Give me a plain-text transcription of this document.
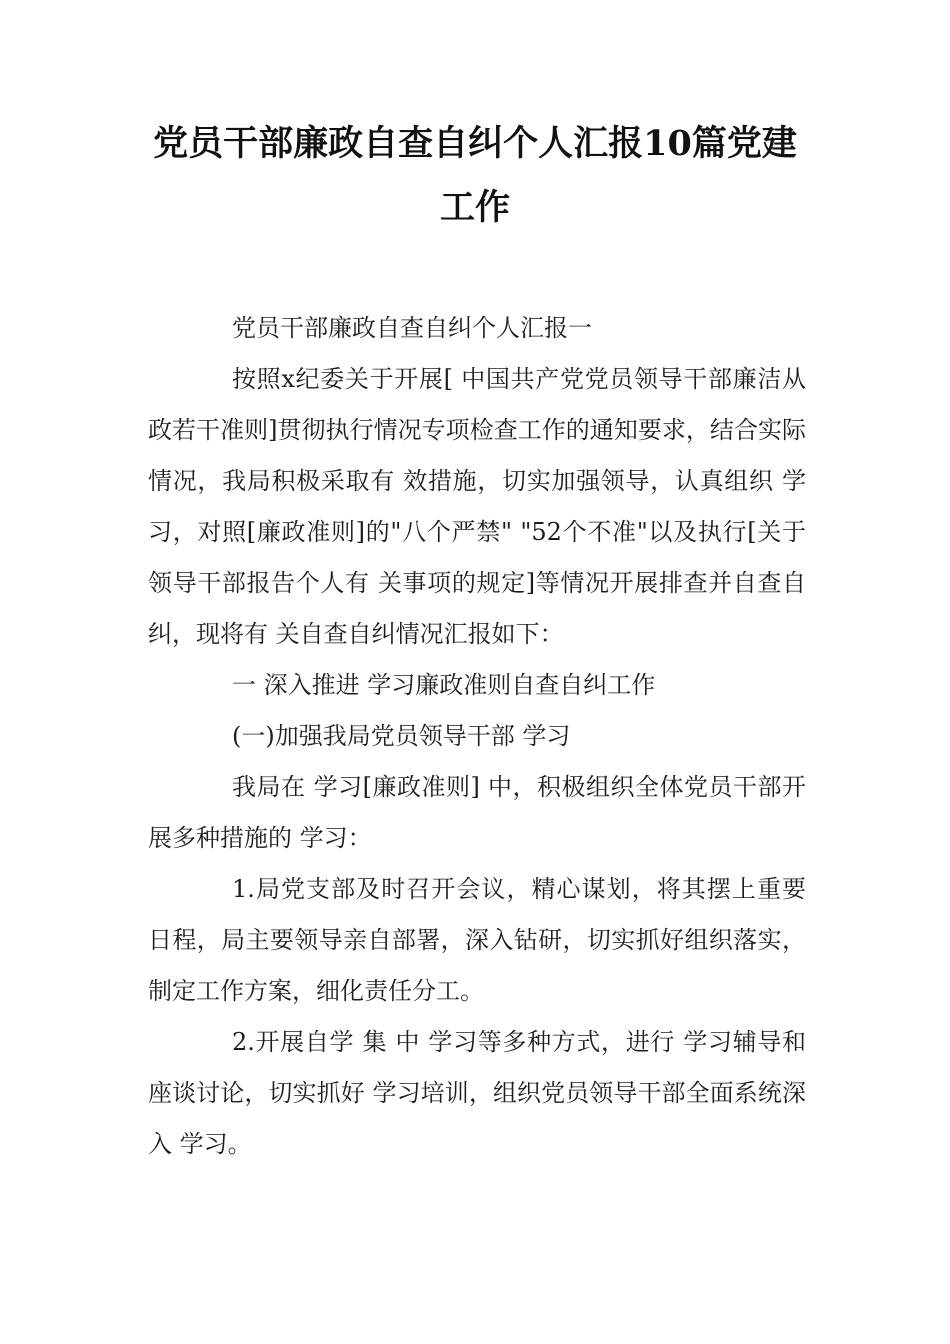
党员干部廉政自查自纠个人汇报10篇党建
工作

党员干部廉政自查自纠个人汇报一

按照x纪委关于开展[ 中国共产党党员领导干部廉洁从政若干准则]贯彻执行情况专项检查工作的通知要求，结合实际情况，我局积极采取有 效措施，切实加强领导，认真组织 学习，对照[廉政准则]的"八个严禁" "52个不准"以及执行[关于领导干部报告个人有 关事项的规定]等情况开展排查并自查自纠，现将有 关自查自纠情况汇报如下：

一 深入推进 学习廉政准则自查自纠工作

(一)加强我局党员领导干部 学习

我局在 学习[廉政准则] 中，积极组织全体党员干部开展多种措施的 学习：

1.局党支部及时召开会议，精心谋划，将其摆上重要日程，局主要领导亲自部署，深入钻研，切实抓好组织落实，制定工作方案，细化责任分工。

2.开展自学 集 中 学习等多种方式，进行 学习辅导和座谈讨论，切实抓好 学习培训，组织党员领导干部全面系统深入 学习。
